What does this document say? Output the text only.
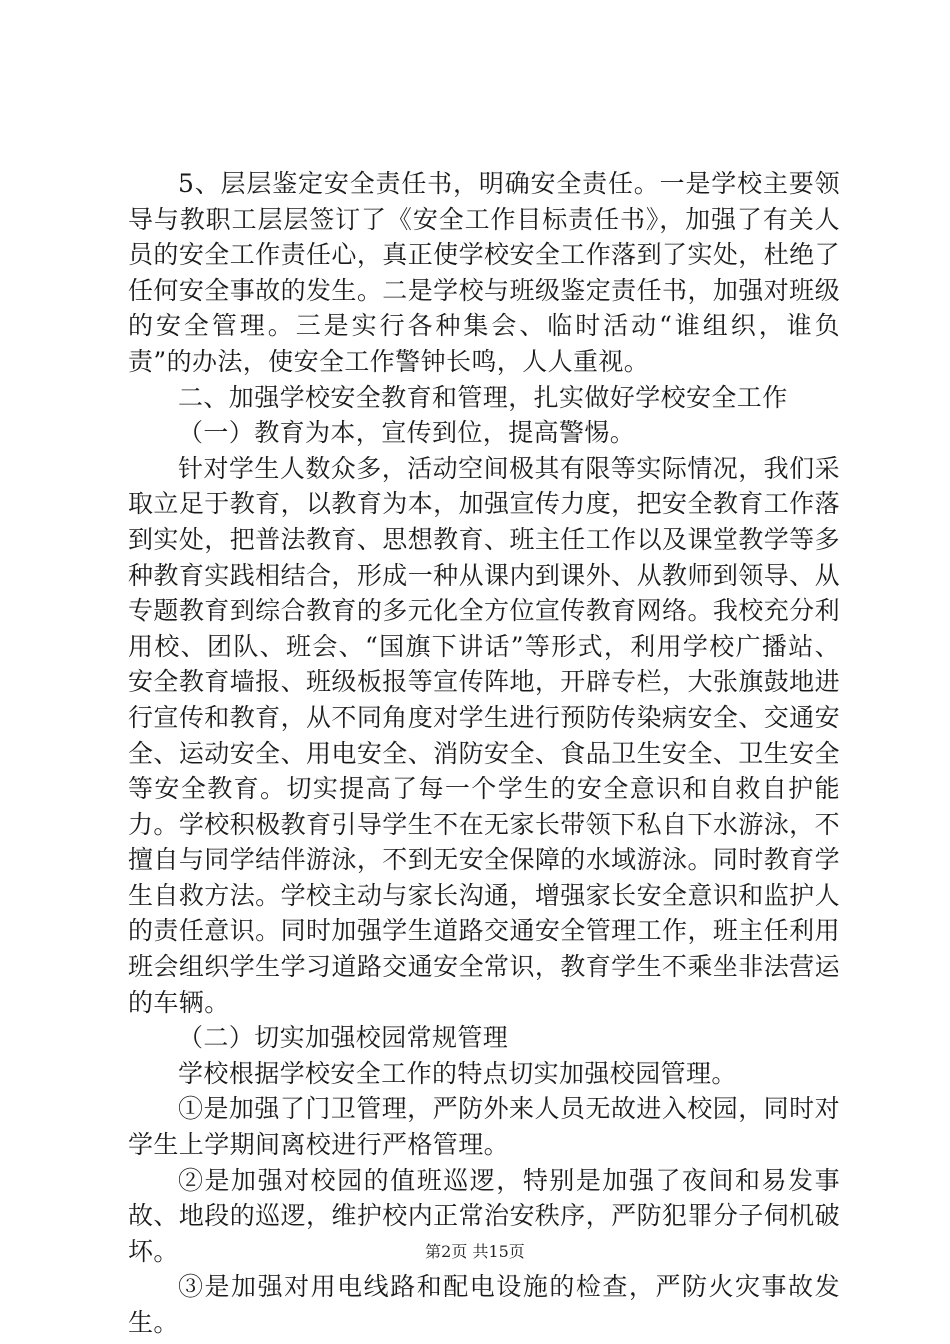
5、层层鉴定安全责任书，明确安全责任。一是学校主要领导与教职工层层签订了《安全工作目标责任书》，加强了有关人员的安全工作责任心，真正使学校安全工作落到了实处，杜绝了任何安全事故的发生。二是学校与班级鉴定责任书，加强对班级的安全管理。三是实行各种集会、临时活动“谁组织，谁负责”的办法，使安全工作警钟长鸣，人人重视。

二、加强学校安全教育和管理，扎实做好学校安全工作

（一）教育为本，宣传到位，提高警惕。

针对学生人数众多，活动空间极其有限等实际情况，我们采取立足于教育，以教育为本，加强宣传力度，把安全教育工作落到实处，把普法教育、思想教育、班主任工作以及课堂教学等多种教育实践相结合，形成一种从课内到课外、从教师到领导、从专题教育到综合教育的多元化全方位宣传教育网络。我校充分利用校、团队、班会、“国旗下讲话”等形式，利用学校广播站、安全教育墙报、班级板报等宣传阵地，开辟专栏，大张旗鼓地进行宣传和教育，从不同角度对学生进行预防传染病安全、交通安全、运动安全、用电安全、消防安全、食品卫生安全、卫生安全等安全教育。切实提高了每一个学生的安全意识和自救自护能力。学校积极教育引导学生不在无家长带领下私自下水游泳，不擅自与同学结伴游泳，不到无安全保障的水域游泳。同时教育学生自救方法。学校主动与家长沟通，增强家长安全意识和监护人的责任意识。同时加强学生道路交通安全管理工作，班主任利用班会组织学生学习道路交通安全常识，教育学生不乘坐非法营运的车辆。

（二）切实加强校园常规管理

学校根据学校安全工作的特点切实加强校园管理。

①是加强了门卫管理，严防外来人员无故进入校园，同时对学生上学期间离校进行严格管理。

②是加强对校园的值班巡逻，特别是加强了夜间和易发事故、地段的巡逻，维护校内正常治安秩序，严防犯罪分子伺机破坏。

③是加强对用电线路和配电设施的检查，严防火灾事故发生。

第2页 共15页
